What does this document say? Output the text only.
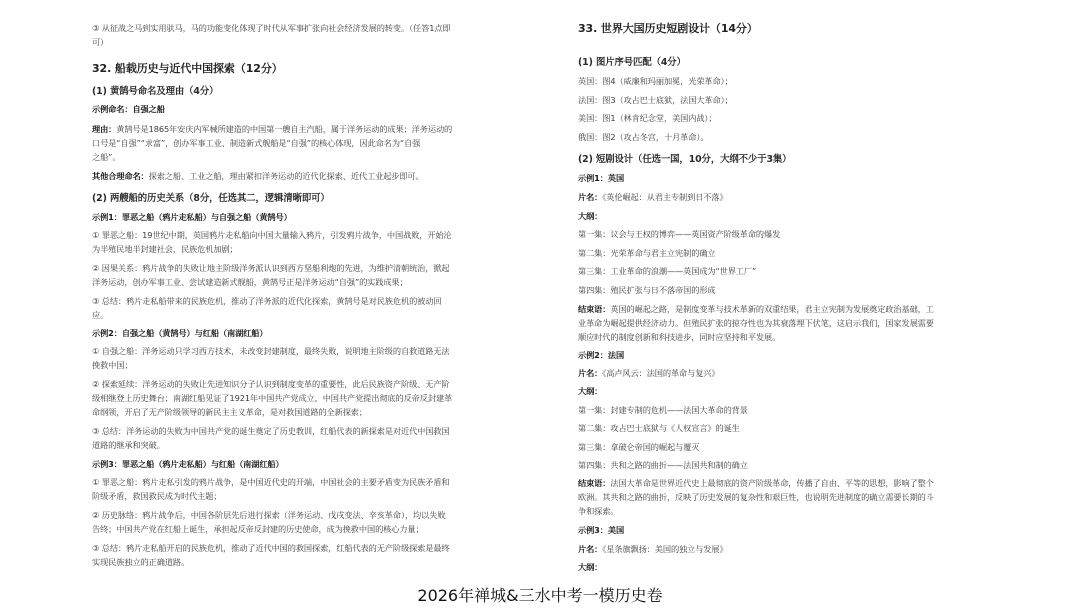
③ 从征战之马到实用驮马，马的功能变化体现了时代从军事扩张向社会经济发展的转变。（任答1点即
可）
32. 船载历史与近代中国探索（12分）
(1) 黄鹄号命名及理由（4分）
示例命名：自强之船
理由：黄鹄号是1865年安庆内军械所建造的中国第一艘自主汽船，属于洋务运动的成果；洋务运动的
口号是“自强”“求富”，创办军事工业、制造新式舰船是“自强”的核心体现，因此命名为“自强
之船”。
其他合理命名：探索之船、工业之船，理由紧扣洋务运动的近代化探索、近代工业起步即可。
(2) 两艘船的历史关系（8分，任选其二，逻辑清晰即可）
示例1：罪恶之船（鸦片走私船）与自强之船（黄鹄号）
① 罪恶之船：19世纪中期，英国鸦片走私船向中国大量输入鸦片，引发鸦片战争，中国战败，开始沦
为半殖民地半封建社会，民族危机加剧；
② 因果关系：鸦片战争的失败让地主阶级洋务派认识到西方坚船利炮的先进，为维护清朝统治，掀起
洋务运动，创办军事工业、尝试建造新式舰船，黄鹄号正是洋务运动“自强”的实践成果；
③ 总结：鸦片走私船带来的民族危机，推动了洋务派的近代化探索，黄鹄号是对民族危机的被动回
应。
示例2：自强之船（黄鹄号）与红船（南湖红船）
① 自强之船：洋务运动只学习西方技术，未改变封建制度，最终失败，说明地主阶级的自救道路无法
挽救中国；
② 探索延续：洋务运动的失败让先进知识分子认识到制度变革的重要性，此后民族资产阶级、无产阶
级相继登上历史舞台；南湖红船见证了1921年中国共产党成立，中国共产党提出彻底的反帝反封建革
命纲领，开启了无产阶级领导的新民主主义革命，是对救国道路的全新探索；
③ 总结：洋务运动的失败为中国共产党的诞生奠定了历史教训，红船代表的新探索是对近代中国救国
道路的继承和突破。
示例3：罪恶之船（鸦片走私船）与红船（南湖红船）
① 罪恶之船：鸦片走私引发的鸦片战争，是中国近代史的开端，中国社会的主要矛盾变为民族矛盾和
阶级矛盾，救国救民成为时代主题；
② 历史脉络：鸦片战争后，中国各阶层先后进行探索（洋务运动、戊戌变法、辛亥革命），均以失败
告终；中国共产党在红船上诞生，承担起反帝反封建的历史使命，成为挽救中国的核心力量；
③ 总结：鸦片走私船开启的民族危机，推动了近代中国的救国探索，红船代表的无产阶级探索是最终
实现民族独立的正确道路。
33. 世界大国历史短剧设计（14分）
(1) 图片序号匹配（4分）
英国：图4（威廉和玛丽加冕，光荣革命）；
法国：图3（攻占巴士底狱，法国大革命）；
美国：图1（林肯纪念堂，美国内战）；
俄国：图2（攻占冬宫，十月革命）。
(2) 短剧设计（任选一国，10分，大纲不少于3集）
示例1：英国
片名：《英伦崛起：从君主专制到日不落》
大纲：
第一集：议会与王权的博弈——英国资产阶级革命的爆发
第二集：光荣革命与君主立宪制的确立
第三集：工业革命的浪潮——英国成为“世界工厂”
第四集：殖民扩张与日不落帝国的形成
结束语：英国的崛起之路，是制度变革与技术革新的双重结果，君主立宪制为发展奠定政治基础，工
业革命为崛起提供经济动力。但殖民扩张的掠夺性也为其衰落埋下伏笔，这启示我们，国家发展需要
顺应时代的制度创新和科技进步，同时应坚持和平发展。
示例2：法国
片名：《高卢风云：法国的革命与复兴》
大纲：
第一集：封建专制的危机——法国大革命的背景
第二集：攻占巴士底狱与《人权宣言》的诞生
第三集：拿破仑帝国的崛起与覆灭
第四集：共和之路的曲折——法国共和制的确立
结束语：法国大革命是世界近代史上最彻底的资产阶级革命，传播了自由、平等的思想，影响了整个
欧洲。其共和之路的曲折，反映了历史发展的复杂性和艰巨性，也说明先进制度的确立需要长期的斗
争和探索。
示例3：美国
片名：《星条旗飘扬：美国的独立与发展》
大纲：
2026年禅城&三水中考一模历史卷
